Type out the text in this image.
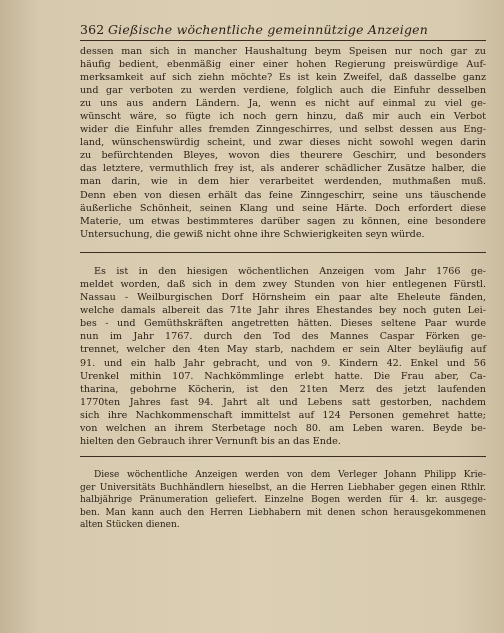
362 Gießische wöchentliche gemeinnützige Anzeigen
dessen man sich in mancher Haushaltung beym Speisen nur noch gar zu
häufig bedient, ebenmäßig einer einer hohen Regierung preiswürdige Auf-
merksamkeit auf sich ziehn möchte? Es ist kein Zweifel, daß dasselbe ganz
und gar verboten zu werden verdiene, folglich auch die Einfuhr desselben
zu uns aus andern Ländern. Ja, wenn es nicht auf einmal zu viel ge-
wünscht wäre, so fügte ich noch gern hinzu, daß mir auch ein Verbot
wider die Einfuhr alles fremden Zinngeschirres, und selbst dessen aus Eng-
land, wünschenswürdig scheint, und zwar dieses nicht sowohl wegen darin
zu befürchtenden Bleyes, wovon dies theurere Geschirr, und besonders
das letztere, vermuthlich frey ist, als anderer schädlicher Zusätze halber, die
man darin, wie in dem hier verarbeitet werdenden, muthmaßen muß.
Denn eben von diesen erhält das feine Zinngeschirr, seine uns täuschende
äußerliche Schönheit, seinen Klang und seine Härte. Doch erfordert diese
Materie, um etwas bestimmteres darüber sagen zu können, eine besondere
Untersuchung, die gewiß nicht ohne ihre Schwierigkeiten seyn würde.
Es ist in den hiesigen wöchentlichen Anzeigen vom Jahr 1766 ge-
meldet worden, daß sich in dem zwey Stunden von hier entlegenen Fürstl.
Nassau - Weilburgischen Dorf Hörnsheim ein paar alte Eheleute fänden,
welche damals albereit das 71te Jahr ihres Ehestandes bey noch guten Lei-
bes - und Gemüthskräften angetretten hätten. Dieses seltene Paar wurde
nun im Jahr 1767. durch den Tod des Mannes Caspar Förken ge-
trennet, welcher den 4ten May starb, nachdem er sein Alter beyläufig auf
91. und ein halb Jahr gebracht, und von 9. Kindern 42. Enkel und 56
Urenkel mithin 107. Nachkömmlinge erlebt hatte. Die Frau aber, Ca-
tharina, gebohrne Köcherin, ist den 21ten Merz des jetzt laufenden
1770ten Jahres fast 94. Jahrt alt und Lebens satt gestorben, nachdem
sich ihre Nachkommenschaft immittelst auf 124 Personen gemehret hatte;
von welchen an ihrem Sterbetage noch 80. am Leben waren. Beyde be-
hielten den Gebrauch ihrer Vernunft bis an das Ende.
Diese wöchentliche Anzeigen werden von dem Verleger Johann Philipp Krie-
ger Universitäts Buchhändlern hieselbst, an die Herren Liebhaber gegen einen Rthlr.
halbjährige Pränumeration geliefert. Einzelne Bogen werden für 4. kr. ausgege-
ben. Man kann auch den Herren Liebhabern mit denen schon herausgekommenen
alten Stücken dienen.
